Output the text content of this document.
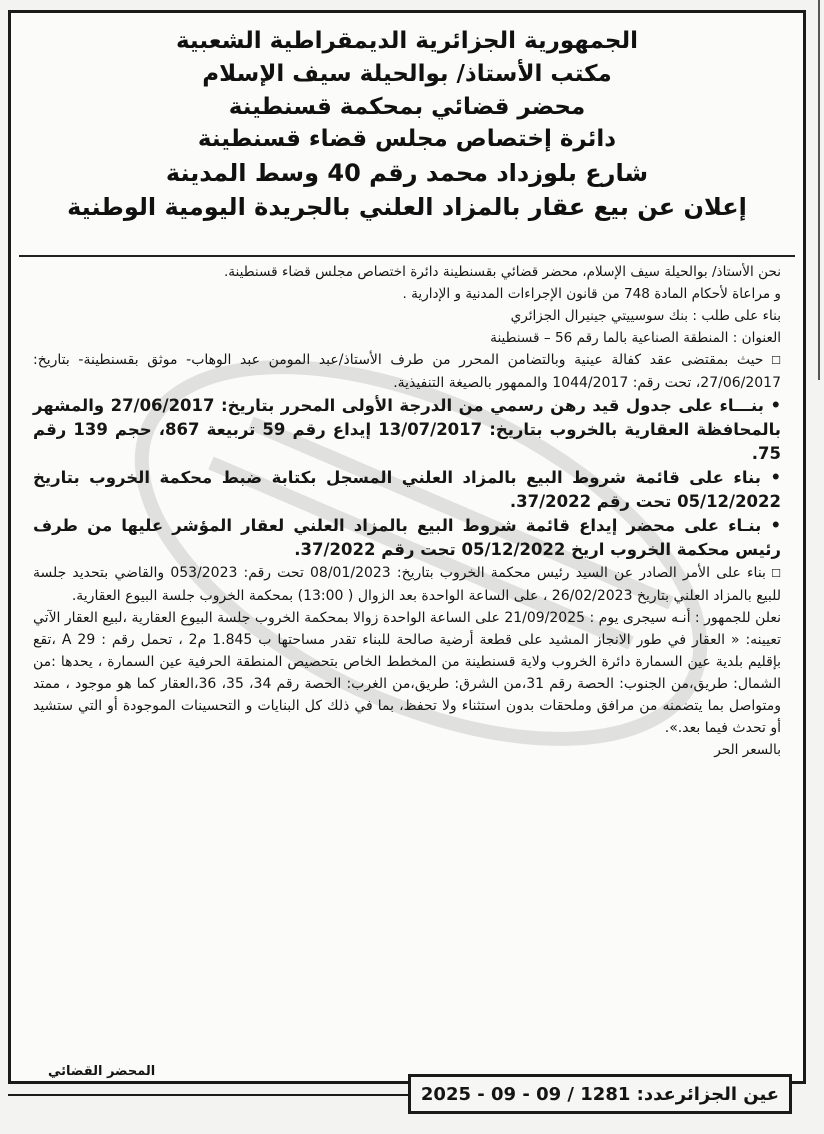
الجمهورية الجزائرية الديمقراطية الشعبية
مكتب الأستاذ/ بوالحيلة سيف الإسلام
محضر قضائي بمحكمة قسنطينة
دائرة إختصاص مجلس قضاء قسنطينة
شارع بلوزداد محمد رقم 40 وسط المدينة
إعلان عن بيع عقار بالمزاد العلني بالجريدة اليومية الوطنية

نحن الأستاذ/ بوالحيلة سيف الإسلام، محضر قضائي بقسنطينة دائرة اختصاص مجلس قضاء قسنطينة.

و مراعاة لأحكام المادة 748 من قانون الإجراءات المدنية و الإدارية .

بناء على طلب : بنك سوسييتي جينيرال الجزائري

العنوان : المنطقة الصناعية بالما رقم 56 – قسنطينة

☐ حيث بمقتضى عقد كفالة عينية وبالتضامن المحرر من طرف الأستاذ/عبد المومن عبد الوهاب- موثق بقسنطينة- بتاريخ: 27/06/2017، تحت رقم: 1044/2017 والممهور بالصيغة التنفيذية.

• بنـــاء على جدول قيد رهن رسمي من الدرجة الأولى المحرر بتاريخ: 27/06/2017 والمشهر بالمحافظة العقارية بالخروب بتاريخ: 13/07/2017 إيداع رقم 59 تربيعة 867، حجم 139 رقم 75.

• بناء على قائمة شروط البيع بالمزاد العلني المسجل بكتابة ضبط محكمة الخروب بتاريخ 05/12/2022 تحت رقم 37/2022.

• بنـاء على محضر إيداع قائمة شروط البيع بالمزاد العلني لعقار المؤشر عليها من طرف رئيس محكمة الخروب اريخ 05/12/2022 تحت رقم 37/2022.

☐ بناء على الأمر الصادر عن السيد رئيس محكمة الخروب بتاريخ: 08/01/2023 تحت رقم: 053/2023 والقاضي بتحديد جلسة للبيع بالمزاد العلني بتاريخ 26/02/2023 ، على الساعة الواحدة بعد الزوال ( 13:00) بمحكمة الخروب جلسة البيوع العقارية.

نعلن للجمهور : أنـه سيجرى يوم : 21/09/2025 على الساعة الواحدة زوالا بمحكمة الخروب جلسة البيوع العقارية ،لبيع العقار الآتي تعيينه: « العقار في طور الانجاز المشيد على قطعة أرضية صالحة للبناء تقدر مساحتها ب 1.845 م2 ، تحمل رقم : A 29 ،تقع بإقليم بلدية عين السمارة دائرة الخروب ولاية قسنطينة من المخطط الخاص بتحصيص المنطقة الحرفية عين السمارة ، يحدها :من الشمال: طريق،من الجنوب: الحصة رقم 31،من الشرق: طريق،من الغرب: الحصة رقم 34، 35، 36،العقار كما هو موجود ، ممتد ومتواصل بما يتضمنه من مرافق وملحقات بدون استثناء ولا تحفظ، بما في ذلك كل البنايات و التحسينات الموجودة أو التي ستشيد أو تحدث فيما بعد.».

بالسعر الحر

المحضر القضائي
عين الجزائرعدد: 1281 / 09 - 09 - 2025
